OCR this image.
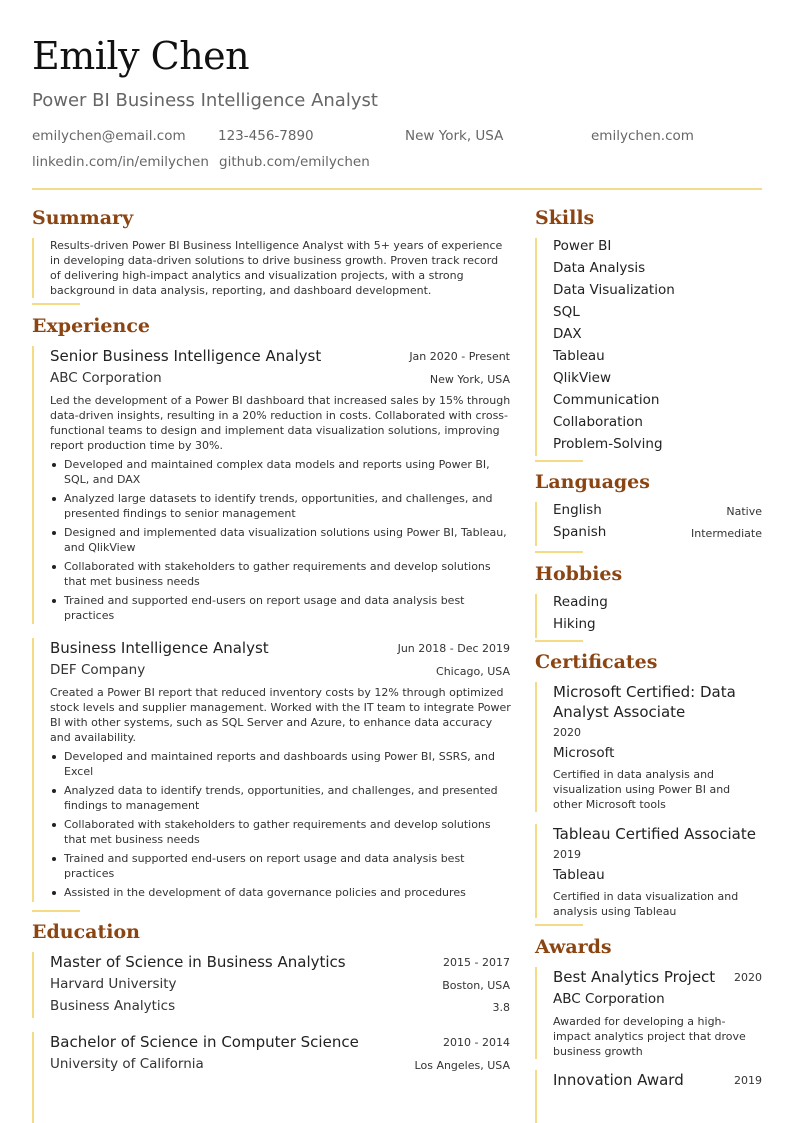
Emily Chen
Power BI Business Intelligence Analyst
emilychen@email.com 123-456-7890	New York, USA	emilychen.com
linkedin.com/in/emilychen github.com/emilychen
Summary
Results-driven Power BI Business Intelligence Analyst with 5+ years of experience in developing data-driven solutions to drive business growth. Proven track record of delivering high-impact analytics and visualization projects, with a strong background in data analysis, reporting, and dashboard development.
Experience
Senior Business Intelligence Analyst	Jan 2020 - Present
ABC Corporation	New York, USA
Led the development of a Power BI dashboard that increased sales by 15% through data-driven insights, resulting in a 20% reduction in costs. Collaborated with cross-functional teams to design and implement data visualization solutions, improving report production time by 30%.
Developed and maintained complex data models and reports using Power BI, SQL, and DAX
Analyzed large datasets to identify trends, opportunities, and challenges, and presented findings to senior management
Designed and implemented data visualization solutions using Power BI, Tableau, and QlikView
Collaborated with stakeholders to gather requirements and develop solutions that met business needs
Trained and supported end-users on report usage and data analysis best practices
Business Intelligence Analyst	Jun 2018 - Dec 2019
DEF Company	Chicago, USA
Created a Power BI report that reduced inventory costs by 12% through optimized stock levels and supplier management. Worked with the IT team to integrate Power BI with other systems, such as SQL Server and Azure, to enhance data accuracy and availability.
Developed and maintained reports and dashboards using Power BI, SSRS, and Excel
Analyzed data to identify trends, opportunities, and challenges, and presented findings to management
Collaborated with stakeholders to gather requirements and develop solutions that met business needs
Trained and supported end-users on report usage and data analysis best practices
Assisted in the development of data governance policies and procedures
Education
Master of Science in Business Analytics	2015 - 2017
Harvard University	Boston, USA
Business Analytics	3.8
Bachelor of Science in Computer Science	2010 - 2014
University of California	Los Angeles, USA
Skills
Power BI
Data Analysis
Data Visualization
SQL
DAX
Tableau
QlikView
Communication
Collaboration
Problem-Solving
Languages
English	Native
Spanish	Intermediate
Hobbies
Reading
Hiking
Certificates
Microsoft Certified: Data Analyst Associate
2020
Microsoft
Certified in data analysis and visualization using Power BI and other Microsoft tools
Tableau Certified Associate
2019
Tableau
Certified in data visualization and analysis using Tableau
Awards
Best Analytics Project 2020
ABC Corporation
Awarded for developing a high-impact analytics project that drove business growth
Innovation Award	2019
